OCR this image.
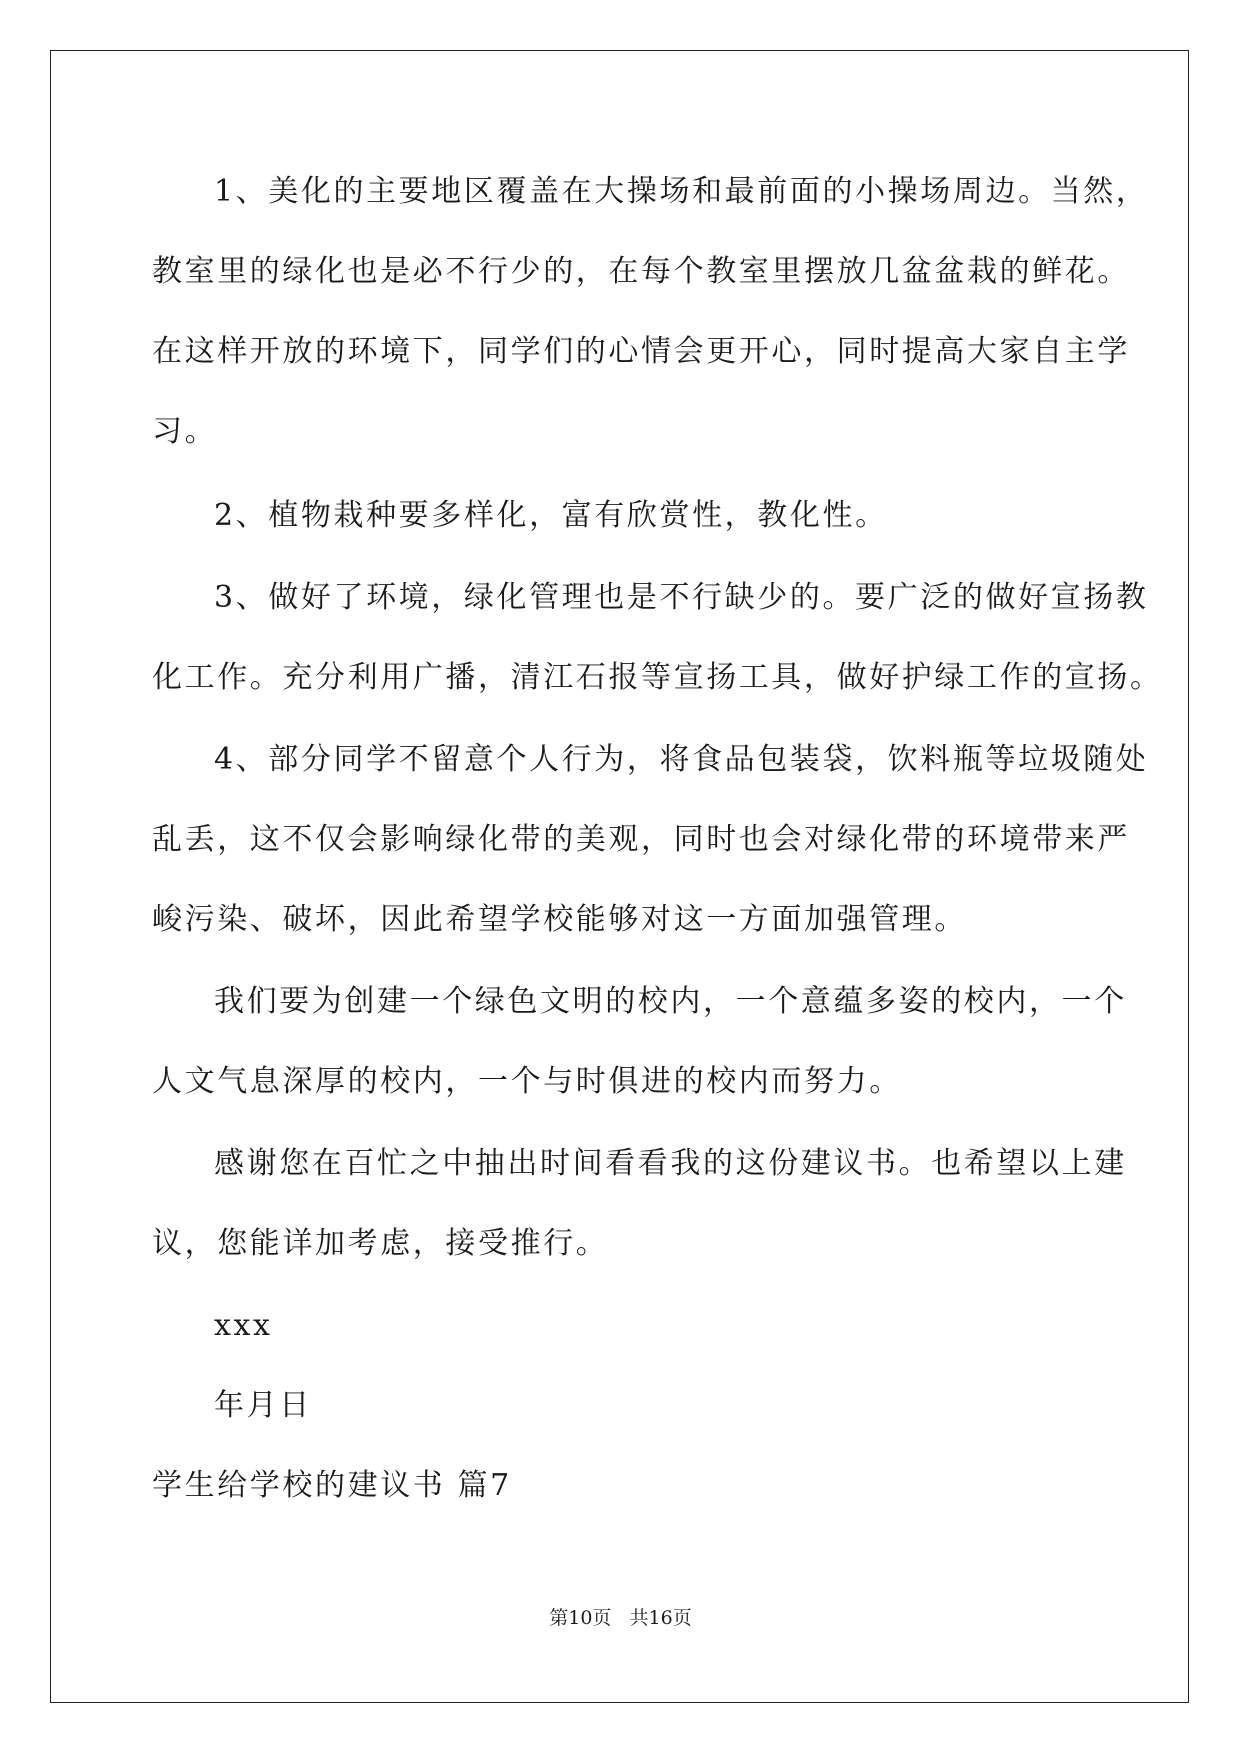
1、美化的主要地区覆盖在大操场和最前面的小操场周边。当然，
教室里的绿化也是必不行少的，在每个教室里摆放几盆盆栽的鲜花。
在这样开放的环境下，同学们的心情会更开心，同时提高大家自主学
习。
2、植物栽种要多样化，富有欣赏性，教化性。
3、做好了环境，绿化管理也是不行缺少的。要广泛的做好宣扬教
化工作。充分利用广播，清江石报等宣扬工具，做好护绿工作的宣扬。
4、部分同学不留意个人行为，将食品包装袋，饮料瓶等垃圾随处
乱丢，这不仅会影响绿化带的美观，同时也会对绿化带的环境带来严
峻污染、破坏，因此希望学校能够对这一方面加强管理。
我们要为创建一个绿色文明的校内，一个意蕴多姿的校内，一个
人文气息深厚的校内，一个与时俱进的校内而努力。
感谢您在百忙之中抽出时间看看我的这份建议书。也希望以上建
议，您能详加考虑，接受推行。
xxx
年月日
学生给学校的建议书 篇7
第10页   共16页
